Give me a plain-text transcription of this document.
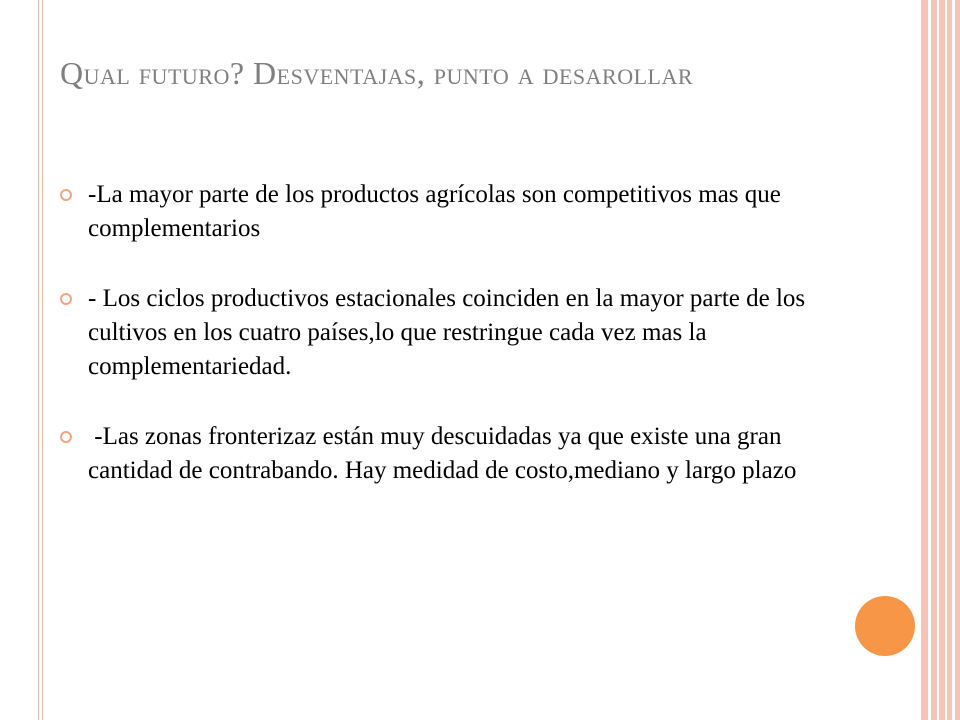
Qual futuro? Desventajas, punto a desarollar
-La mayor parte de los productos agrícolas son competitivos mas que complementarios
- Los ciclos productivos estacionales coinciden en la mayor parte de los cultivos en los cuatro países,lo que restringue cada vez mas la complementariedad.
-Las zonas fronterizaz están muy descuidadas ya que existe una gran cantidad de contrabando. Hay medidad de costo,mediano y largo plazo
